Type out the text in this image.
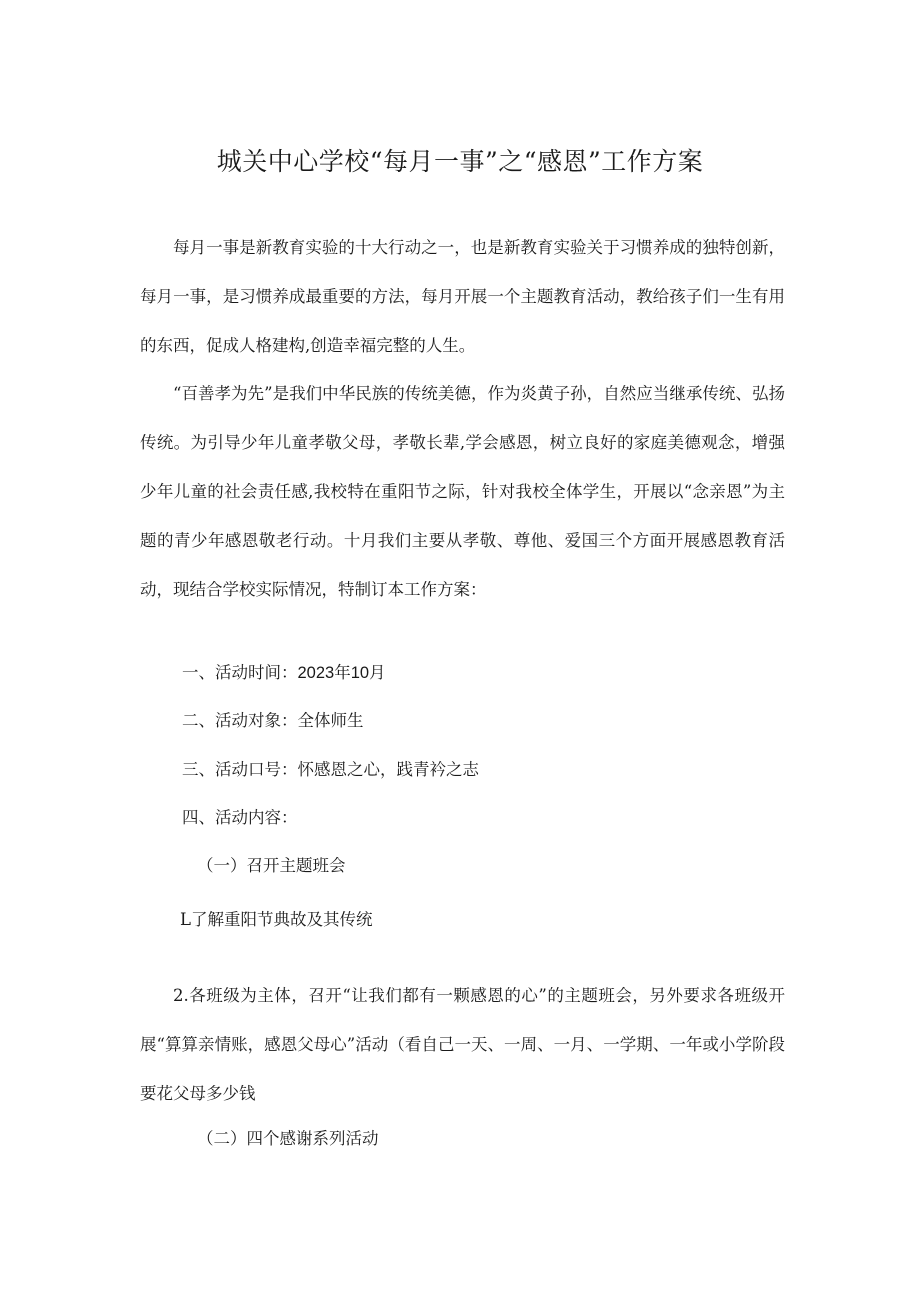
城关中心学校“每月一事”之“感恩”工作方案

每月一事是新教育实验的十大行动之一，也是新教育实验关于习惯养成的独特创新，每月一事，是习惯养成最重要的方法，每月开展一个主题教育活动，教给孩子们一生有用的东西，促成人格建构,创造幸福完整的人生。

“百善孝为先”是我们中华民族的传统美德，作为炎黄子孙，自然应当继承传统、弘扬传统。为引导少年儿童孝敬父母，孝敬长辈,学会感恩，树立良好的家庭美德观念，增强少年儿童的社会责任感,我校特在重阳节之际，针对我校全体学生，开展以“念亲恩”为主题的青少年感恩敬老行动。十月我们主要从孝敬、尊他、爱国三个方面开展感恩教育活动，现结合学校实际情况，特制订本工作方案：

一、活动时间：2023年10月
二、活动对象：全体师生
三、活动口号：怀感恩之心，践青衿之志
四、活动内容：
（一）召开主题班会
L了解重阳节典故及其传统

2.各班级为主体，召开“让我们都有一颗感恩的心”的主题班会，另外要求各班级开展“算算亲情账，感恩父母心”活动（看自己一天、一周、一月、一学期、一年或小学阶段要花父母多少钱

（二）四个感谢系列活动
